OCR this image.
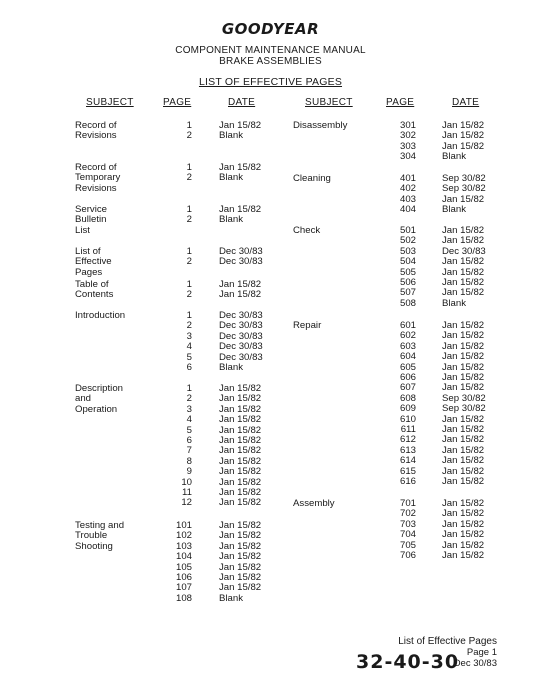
GOODYEAR
COMPONENT MAINTENANCE MANUAL
BRAKE ASSEMBLIES
LIST OF EFFECTIVE PAGES
SUBJECT	PAGE	DATE	SUBJECT	PAGE	DATE
Record of
Revisions
1	Jan 15/82
2	Blank
Record of
Temporary
Revisions
1	Jan 15/82
2	Blank
Service
Bulletin
List
1	Jan 15/82
2	Blank
List of
Effective
Pages
1	Dec 30/83
2	Dec 30/83
Table of
Contents
1	Jan 15/82
2	Jan 15/82
Introduction	1	Dec 30/83
2	Dec 30/83
3	Dec 30/83
4	Dec 30/83
5	Dec 30/83
6	Blank
Description
and
Operation
1	Jan 15/82
2	Jan 15/82
3	Jan 15/82
4	Jan 15/82
5	Jan 15/82
6	Jan 15/82
7	Jan 15/82
8	Jan 15/82
9	Jan 15/82
10	Jan 15/82
11	Jan 15/82
12	Jan 15/82
Testing and
Trouble
Shooting
101	Jan 15/82
102	Jan 15/82
103	Jan 15/82
104	Jan 15/82
105	Jan 15/82
106	Jan 15/82
107	Jan 15/82
108	Blank
Disassembly	301	Jan 15/82
302	Jan 15/82
303	Jan 15/82
304	Blank
Cleaning	401	Sep 30/82
402	Sep 30/82
403	Jan 15/82
404	Blank
Check	501	Jan 15/82
502	Jan 15/82
503	Dec 30/83
504	Jan 15/82
505	Jan 15/82
506	Jan 15/82
507	Jan 15/82
508	Blank
Repair	601	Jan 15/82
602	Jan 15/82
603	Jan 15/82
604	Jan 15/82
605	Jan 15/82
606	Jan 15/82
607	Jan 15/82
608	Sep 30/82
609	Sep 30/82
610	Jan 15/82
611	Jan 15/82
612	Jan 15/82
613	Jan 15/82
614	Jan 15/82
615	Jan 15/82
616	Jan 15/82
Assembly	701	Jan 15/82
702	Jan 15/82
703	Jan 15/82
704	Jan 15/82
705	Jan 15/82
706	Jan 15/82
List of Effective Pages
Page 1
32-40-30
Dec 30/83
